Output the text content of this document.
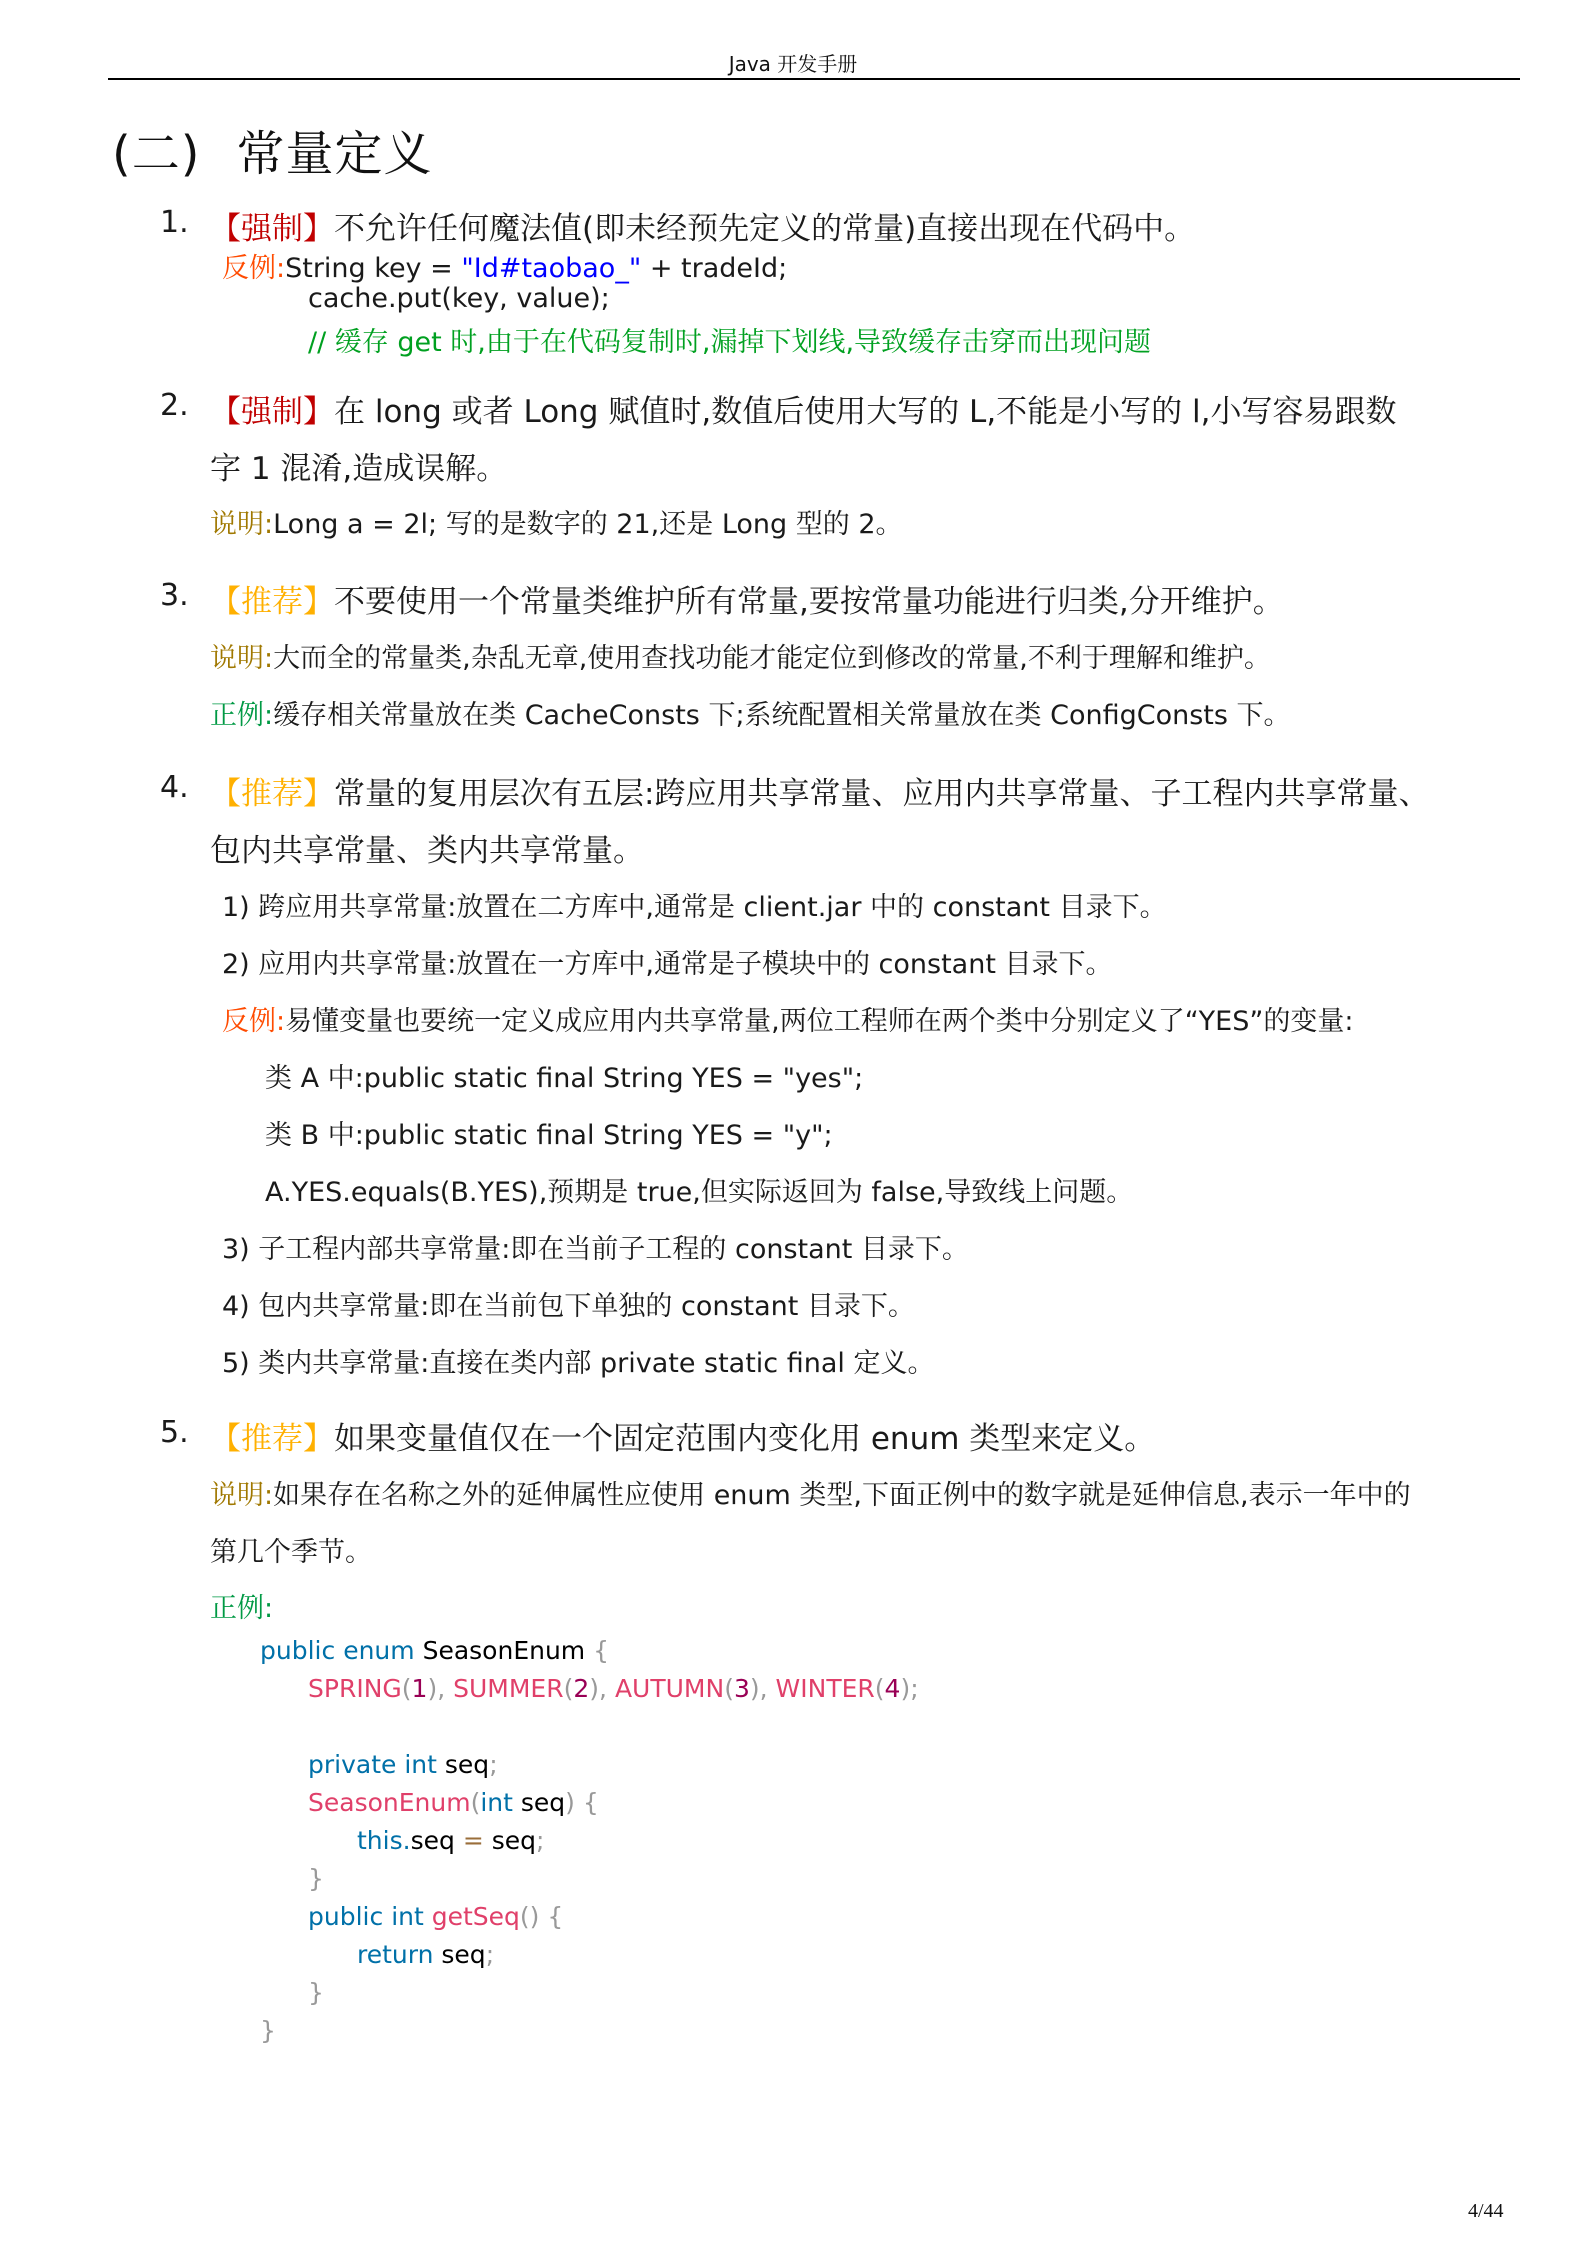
Java 开发手册
(二) 常量定义
1. 【强制】不允许任何魔法值(即未经预先定义的常量)直接出现在代码中。
反例:String key = "Id#taobao_" + tradeId;
cache.put(key, value);
// 缓存 get 时,由于在代码复制时,漏掉下划线,导致缓存击穿而出现问题
2. 【强制】在 long 或者 Long 赋值时,数值后使用大写的 L,不能是小写的 l,小写容易跟数
字 1 混淆,造成误解。
说明:Long a = 2l; 写的是数字的 21,还是 Long 型的 2。
3. 【推荐】不要使用一个常量类维护所有常量,要按常量功能进行归类,分开维护。
说明:大而全的常量类,杂乱无章,使用查找功能才能定位到修改的常量,不利于理解和维护。
正例:缓存相关常量放在类 CacheConsts 下;系统配置相关常量放在类 ConfigConsts 下。
4. 【推荐】常量的复用层次有五层:跨应用共享常量、应用内共享常量、子工程内共享常量、
包内共享常量、类内共享常量。
1) 跨应用共享常量:放置在二方库中,通常是 client.jar 中的 constant 目录下。
2) 应用内共享常量:放置在一方库中,通常是子模块中的 constant 目录下。
反例:易懂变量也要统一定义成应用内共享常量,两位工程师在两个类中分别定义了“YES”的变量:
类 A 中:public static final String YES = "yes";
类 B 中:public static final String YES = "y";
A.YES.equals(B.YES),预期是 true,但实际返回为 false,导致线上问题。
3) 子工程内部共享常量:即在当前子工程的 constant 目录下。
4) 包内共享常量:即在当前包下单独的 constant 目录下。
5) 类内共享常量:直接在类内部 private static final 定义。
5. 【推荐】如果变量值仅在一个固定范围内变化用 enum 类型来定义。
说明:如果存在名称之外的延伸属性应使用 enum 类型,下面正例中的数字就是延伸信息,表示一年中的
第几个季节。
正例:
public enum SeasonEnum {
SPRING(1), SUMMER(2), AUTUMN(3), WINTER(4);
private int seq;
SeasonEnum(int seq) {
this.seq = seq;
}
public int getSeq() {
return seq;
}
}
4/44
